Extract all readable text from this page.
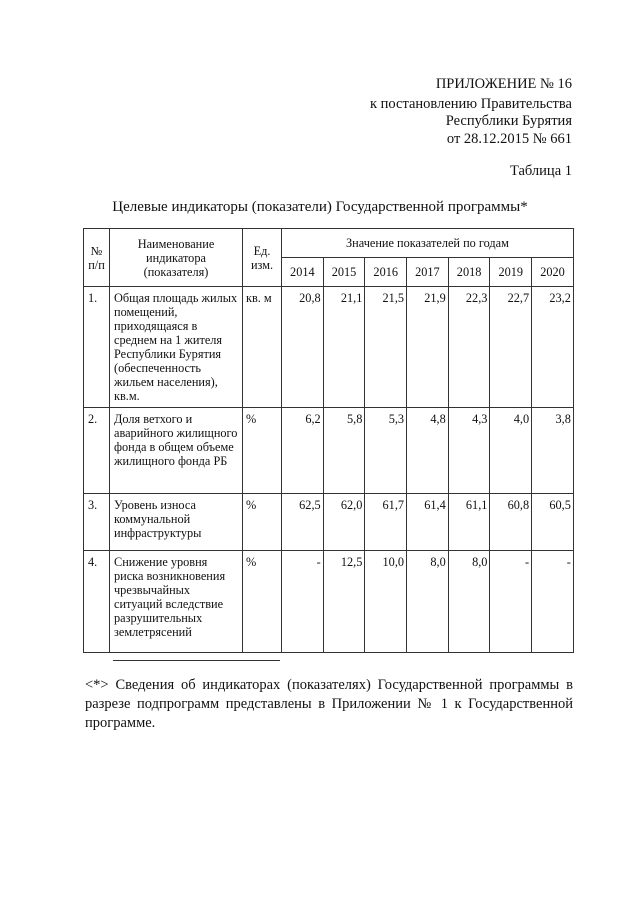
ПРИЛОЖЕНИЕ № 16
к постановлению Правительства
Республики Бурятия
от 28.12.2015 № 661
Таблица 1
Целевые индикаторы (показатели) Государственной программы*
№ п/п	Наименование индикатора (показателя)	Ед. изм.	Значение показателей по годам						
			2014	2015	2016	2017	2018	2019	2020
1.	Общая площадь жилых помещений, приходящаяся в среднем на 1 жителя Республики Бурятия (обеспеченность жильем населения), кв.м.	кв. м	20,8	21,1	21,5	21,9	22,3	22,7	23,2
2.	Доля ветхого и аварийного жилищного фонда в общем объеме жилищного фонда РБ	%	6,2	5,8	5,3	4,8	4,3	4,0	3,8
3.	Уровень износа коммунальной инфраструктуры	%	62,5	62,0	61,7	61,4	61,1	60,8	60,5
4.	Снижение уровня риска возникновения чрезвычайных ситуаций вследствие разрушительных землетрясений	%	-	12,5	10,0	8,0	8,0	-	-
<*> Сведения об индикаторах (показателях) Государственной программы в разрезе подпрограмм представлены в Приложении № 1 к Государственной программе.
